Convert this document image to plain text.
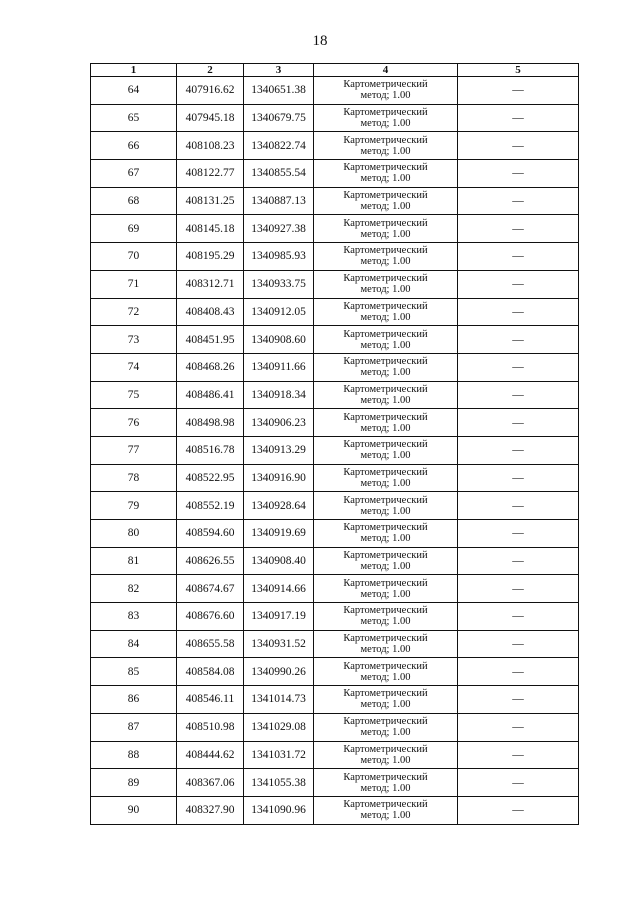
18
1	2	3	4	5
64	407916.62	1340651.38	Картометрический
метод; 1.00	—
65	407945.18	1340679.75	Картометрический
метод; 1.00	—
66	408108.23	1340822.74	Картометрический
метод; 1.00	—
67	408122.77	1340855.54	Картометрический
метод; 1.00	—
68	408131.25	1340887.13	Картометрический
метод; 1.00	—
69	408145.18	1340927.38	Картометрический
метод; 1.00	—
70	408195.29	1340985.93	Картометрический
метод; 1.00	—
71	408312.71	1340933.75	Картометрический
метод; 1.00	—
72	408408.43	1340912.05	Картометрический
метод; 1.00	—
73	408451.95	1340908.60	Картометрический
метод; 1.00	—
74	408468.26	1340911.66	Картометрический
метод; 1.00	—
75	408486.41	1340918.34	Картометрический
метод; 1.00	—
76	408498.98	1340906.23	Картометрический
метод; 1.00	—
77	408516.78	1340913.29	Картометрический
метод; 1.00	—
78	408522.95	1340916.90	Картометрический
метод; 1.00	—
79	408552.19	1340928.64	Картометрический
метод; 1.00	—
80	408594.60	1340919.69	Картометрический
метод; 1.00	—
81	408626.55	1340908.40	Картометрический
метод; 1.00	—
82	408674.67	1340914.66	Картометрический
метод; 1.00	—
83	408676.60	1340917.19	Картометрический
метод; 1.00	—
84	408655.58	1340931.52	Картометрический
метод; 1.00	—
85	408584.08	1340990.26	Картометрический
метод; 1.00	—
86	408546.11	1341014.73	Картометрический
метод; 1.00	—
87	408510.98	1341029.08	Картометрический
метод; 1.00	—
88	408444.62	1341031.72	Картометрический
метод; 1.00	—
89	408367.06	1341055.38	Картометрический
метод; 1.00	—
90	408327.90	1341090.96	Картометрический
метод; 1.00	—
